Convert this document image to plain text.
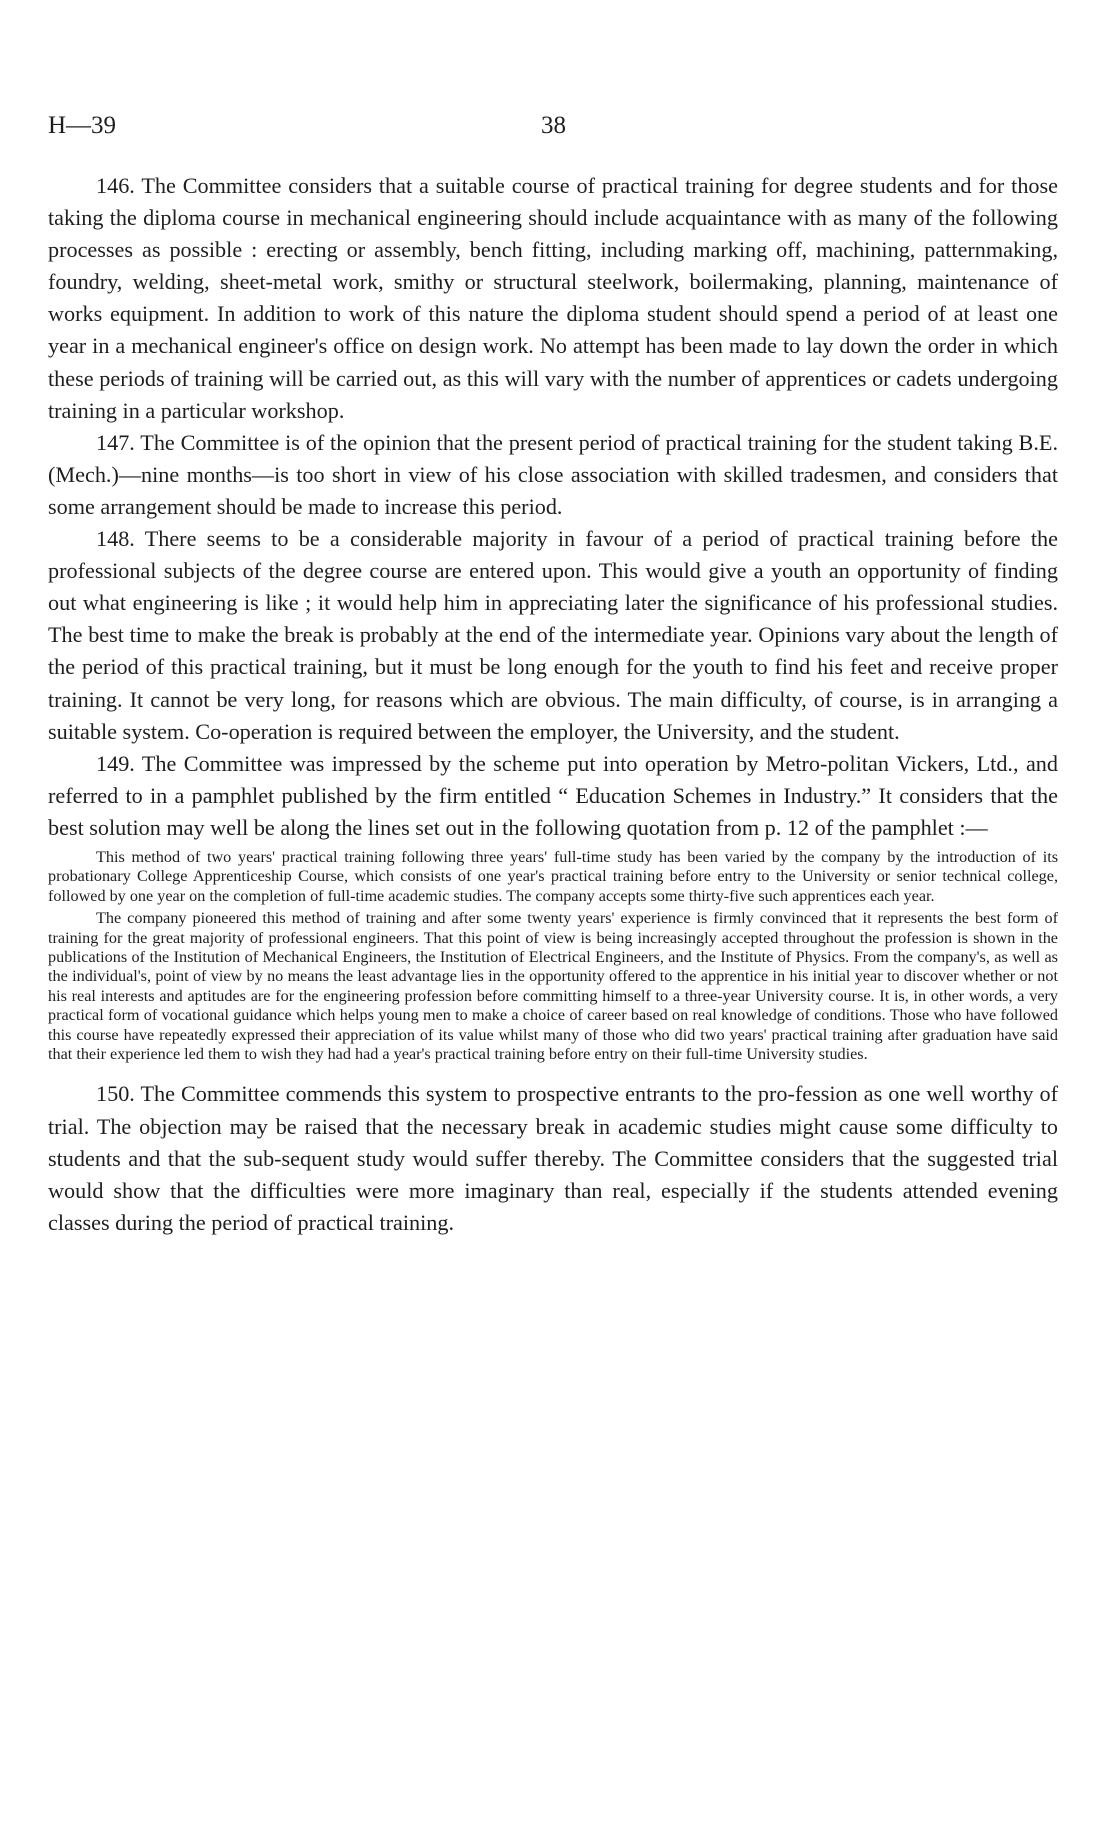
H—39	38

146. The Committee considers that a suitable course of practical training for degree students and for those taking the diploma course in mechanical engineering should include acquaintance with as many of the following processes as possible : erecting or assembly, bench fitting, including marking off, machining, patternmaking, foundry, welding, sheet-metal work, smithy or structural steelwork, boilermaking, planning, maintenance of works equipment. In addition to work of this nature the diploma student should spend a period of at least one year in a mechanical engineer's office on design work. No attempt has been made to lay down the order in which these periods of training will be carried out, as this will vary with the number of apprentices or cadets undergoing training in a particular workshop.

147. The Committee is of the opinion that the present period of practical training for the student taking B.E. (Mech.)—nine months—is too short in view of his close association with skilled tradesmen, and considers that some arrangement should be made to increase this period.

148. There seems to be a considerable majority in favour of a period of practical training before the professional subjects of the degree course are entered upon. This would give a youth an opportunity of finding out what engineering is like ; it would help him in appreciating later the significance of his professional studies. The best time to make the break is probably at the end of the intermediate year. Opinions vary about the length of the period of this practical training, but it must be long enough for the youth to find his feet and receive proper training. It cannot be very long, for reasons which are obvious. The main difficulty, of course, is in arranging a suitable system. Co-operation is required between the employer, the University, and the student.

149. The Committee was impressed by the scheme put into operation by Metro-politan Vickers, Ltd., and referred to in a pamphlet published by the firm entitled “ Education Schemes in Industry.” It considers that the best solution may well be along the lines set out in the following quotation from p. 12 of the pamphlet :—

This method of two years' practical training following three years' full-time study has been varied by the company by the introduction of its probationary College Apprenticeship Course, which consists of one year's practical training before entry to the University or senior technical college, followed by one year on the completion of full-time academic studies. The company accepts some thirty-five such apprentices each year.

The company pioneered this method of training and after some twenty years' experience is firmly convinced that it represents the best form of training for the great majority of professional engineers. That this point of view is being increasingly accepted throughout the profession is shown in the publications of the Institution of Mechanical Engineers, the Institution of Electrical Engineers, and the Institute of Physics. From the company's, as well as the individual's, point of view by no means the least advantage lies in the opportunity offered to the apprentice in his initial year to discover whether or not his real interests and aptitudes are for the engineering profession before committing himself to a three-year University course. It is, in other words, a very practical form of vocational guidance which helps young men to make a choice of career based on real knowledge of conditions. Those who have followed this course have repeatedly expressed their appreciation of its value whilst many of those who did two years' practical training after graduation have said that their experience led them to wish they had had a year's practical training before entry on their full-time University studies.

150. The Committee commends this system to prospective entrants to the pro-fession as one well worthy of trial. The objection may be raised that the necessary break in academic studies might cause some difficulty to students and that the sub-sequent study would suffer thereby. The Committee considers that the suggested trial would show that the difficulties were more imaginary than real, especially if the students attended evening classes during the period of practical training.
